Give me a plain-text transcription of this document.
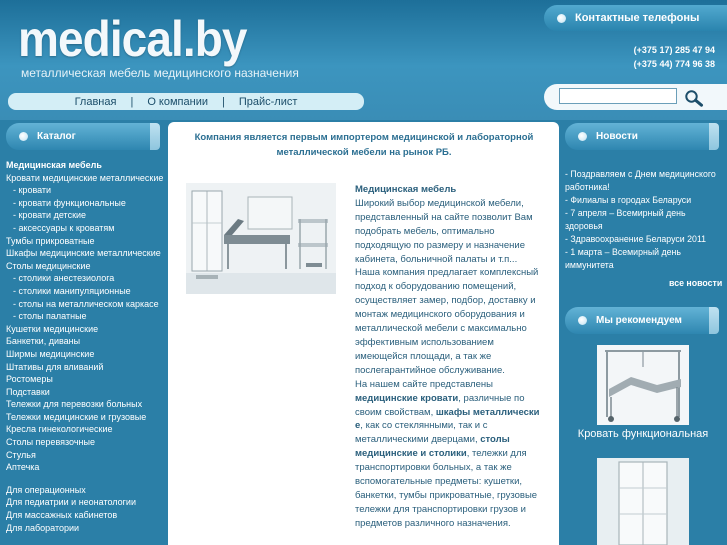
medical.by
металлическая мебель медицинского назначения
Главная | О компании | Прайс-лист
Контактные телефоны
(+375 17) 285 47 94
(+375 44) 774 96 38
Каталог
Медицинская мебель
Кровати медицинские металлические
- кровати
- кровати функциональные
- кровати детские
- аксессуары к кроватям
Тумбы прикроватные
Шкафы медицинские металлические
Столы медицинские
- столики анестезиолога
- столики манипуляционные
- столы на металлическом каркасе
- столы палатные
Кушетки медицинские
Банкетки, диваны
Ширмы медицинские
Штативы для вливаний
Ростомеры
Подставки
Тележки для перевозки больных
Тележки медицинские и грузовые
Кресла гинекологические
Столы перевязочные
Стулья
Аптечка
Для операционных
Для педиатрии и неонатологии
Для массажных кабинетов
Для лаборатории
Компания является первым импортером медицинской и лабораторной металлической мебели на рынок РБ.
Медицинская мебель
Широкий выбор медицинской мебели, представленный на сайте позволит Вам подобрать мебель, оптимально подходящую по размеру и назначение кабинета, больничной палаты и т.п...
Наша компания предлагает комплексный подход к оборудованию помещений, осуществляет замер, подбор, доставку и монтаж медицинского оборудования и металлической мебели с максимально эффективным использованием имеющейся площади, а так же послегарантийное обслуживание.
На нашем сайте представлены медицинские кровати, различные по своим свойствам, шкафы металлически е, как со стеклянными, так и с металлическими дверцами, столы медицинские и столики, тележки для транспортировки больных, а так же вспомогательные предметы: кушетки, банкетки, тумбы прикроватные, грузовые тележки для транспортировки грузов и предметов различного назначения.
Новости
- Поздравляем с Днем медицинского работника!
- Филиалы в городах Беларуси
- 7 апреля – Всемирный день здоровья
- Здравоохранение Беларуси 2011
- 1 марта – Всемирный день иммунитета
все новости
Мы рекомендуем
Кровать функциональная
